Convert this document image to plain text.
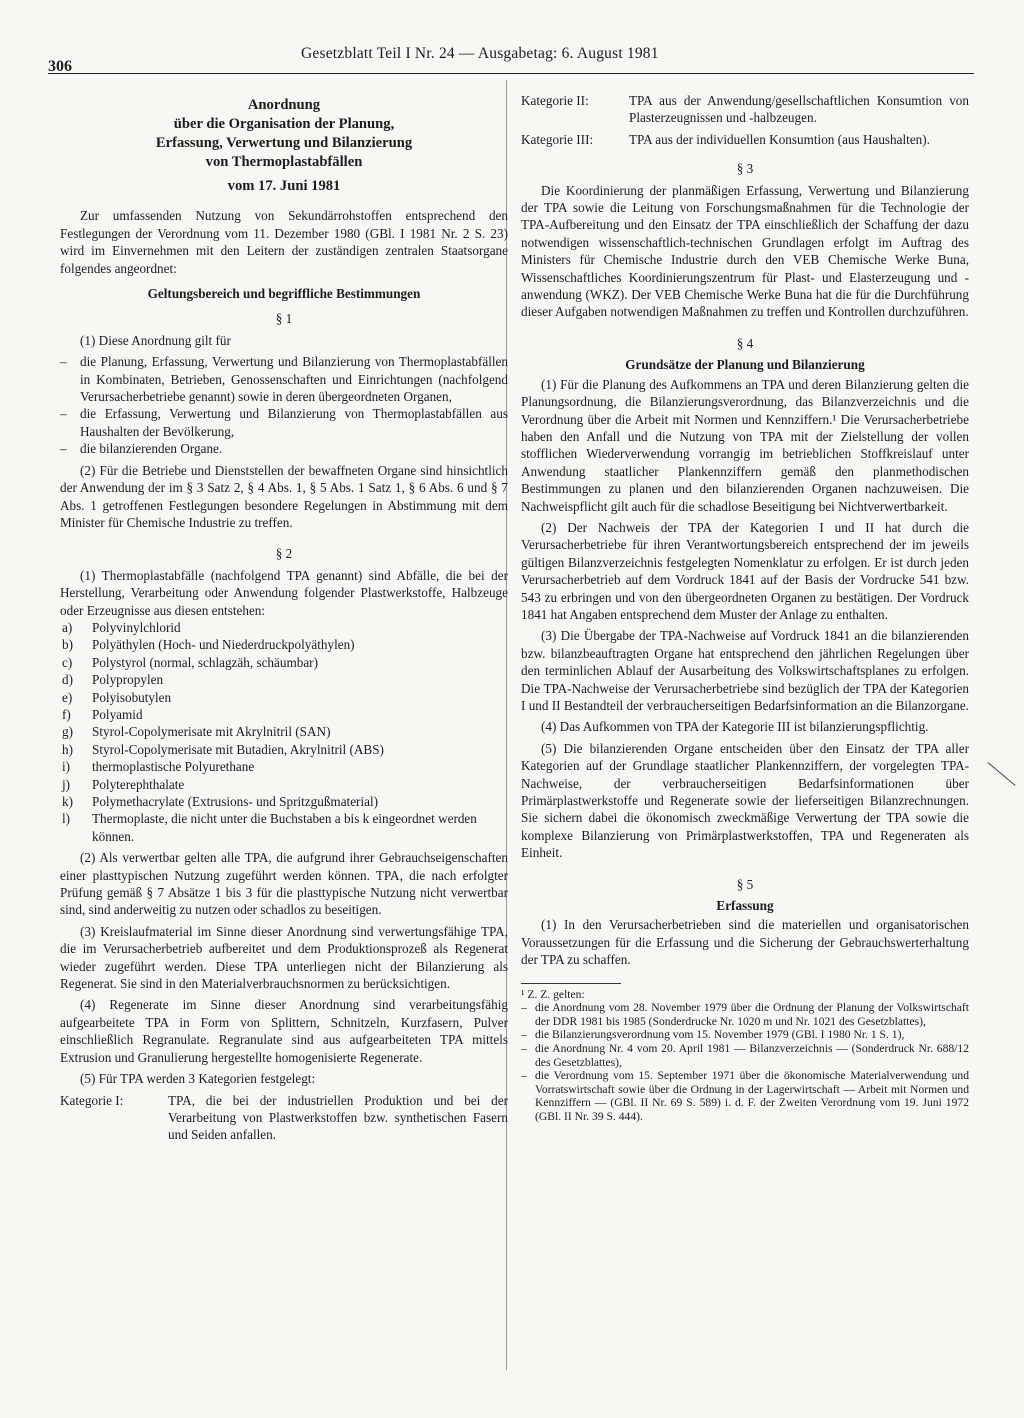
306
Gesetzblatt Teil I Nr. 24 — Ausgabetag: 6. August 1981
Anordnung
über die Organisation der Planung,
Erfassung, Verwertung und Bilanzierung
von Thermoplastabfällen
vom 17. Juni 1981

Zur umfassenden Nutzung von Sekundärrohstoffen entsprechend den Festlegungen der Verordnung vom 11. Dezember 1980 (GBl. I 1981 Nr. 2 S. 23) wird im Einvernehmen mit den Leitern der zuständigen zentralen Staatsorgane folgendes angeordnet:

Geltungsbereich und begriffliche Bestimmungen
§ 1

(1) Diese Anordnung gilt für

–	die Planung, Erfassung, Verwertung und Bilanzierung von Thermoplastabfällen in Kombinaten, Betrieben, Genossenschaften und Einrichtungen (nachfolgend Verursacherbetriebe genannt) sowie in deren übergeordneten Organen,
–	die Erfassung, Verwertung und Bilanzierung von Thermoplastabfällen aus Haushalten der Bevölkerung,
–	die bilanzierenden Organe.

(2) Für die Betriebe und Dienststellen der bewaffneten Organe sind hinsichtlich der Anwendung der im § 3 Satz 2, § 4 Abs. 1, § 5 Abs. 1 Satz 1, § 6 Abs. 6 und § 7 Abs. 1 getroffenen Festlegungen besondere Regelungen in Abstimmung mit dem Minister für Chemische Industrie zu treffen.

§ 2

(1) Thermoplastabfälle (nachfolgend TPA genannt) sind Abfälle, die bei der Herstellung, Verarbeitung oder Anwendung folgender Plastwerkstoffe, Halbzeuge oder Erzeugnisse aus diesen entstehen:

a)	Polyvinylchlorid
b)	Polyäthylen (Hoch- und Niederdruckpolyäthylen)
c)	Polystyrol (normal, schlagzäh, schäumbar)
d)	Polypropylen
e)	Polyisobutylen
f)	Polyamid
g)	Styrol-Copolymerisate mit Akrylnitril (SAN)
h)	Styrol-Copolymerisate mit Butadien, Akrylnitril (ABS)
i)	thermoplastische Polyurethane
j)	Polyterephthalate
k)	Polymethacrylate (Extrusions- und Spritzgußmaterial)
l)	Thermoplaste, die nicht unter die Buchstaben a bis k eingeordnet werden können.

(2) Als verwertbar gelten alle TPA, die aufgrund ihrer Gebrauchseigenschaften einer plasttypischen Nutzung zugeführt werden können. TPA, die nach erfolgter Prüfung gemäß § 7 Absätze 1 bis 3 für die plasttypische Nutzung nicht verwertbar sind, sind anderweitig zu nutzen oder schadlos zu beseitigen.

(3) Kreislaufmaterial im Sinne dieser Anordnung sind verwertungsfähige TPA, die im Verursacherbetrieb aufbereitet und dem Produktionsprozeß als Regenerat wieder zugeführt werden. Diese TPA unterliegen nicht der Bilanzierung als Regenerat. Sie sind in den Materialverbrauchsnormen zu berücksichtigen.

(4) Regenerate im Sinne dieser Anordnung sind verarbeitungsfähig aufgearbeitete TPA in Form von Splittern, Schnitzeln, Kurzfasern, Pulver einschließlich Regranulate. Regranulate sind aus aufgearbeiteten TPA mittels Extrusion und Granulierung hergestellte homogenisierte Regenerate.

(5) Für TPA werden 3 Kategorien festgelegt:

Kategorie I:	TPA, die bei der industriellen Produktion und bei der Verarbeitung von Plastwerkstoffen bzw. synthetischen Fasern und Seiden anfallen.
Kategorie II:	TPA aus der Anwendung/gesellschaftlichen Konsumtion von Plasterzeugnissen und -halbzeugen.
Kategorie III:	TPA aus der individuellen Konsumtion (aus Haushalten).
§ 3

Die Koordinierung der planmäßigen Erfassung, Verwertung und Bilanzierung der TPA sowie die Leitung von Forschungsmaßnahmen für die Technologie der TPA-Aufbereitung und den Einsatz der TPA einschließlich der Schaffung der dazu notwendigen wissenschaftlich-technischen Grundlagen erfolgt im Auftrag des Ministers für Chemische Industrie durch den VEB Chemische Werke Buna, Wissenschaftliches Koordinierungszentrum für Plast- und Elasterzeugung und -anwendung (WKZ). Der VEB Chemische Werke Buna hat die für die Durchführung dieser Aufgaben notwendigen Maßnahmen zu treffen und Kontrollen durchzuführen.

§ 4
Grundsätze der Planung und Bilanzierung

(1) Für die Planung des Aufkommens an TPA und deren Bilanzierung gelten die Planungsordnung, die Bilanzierungsverordnung, das Bilanzverzeichnis und die Verordnung über die Arbeit mit Normen und Kennziffern.¹ Die Verursacherbetriebe haben den Anfall und die Nutzung von TPA mit der Zielstellung der vollen stofflichen Wiederverwendung vorrangig im betrieblichen Stoffkreislauf unter Anwendung staatlicher Plankennziffern gemäß den planmethodischen Bestimmungen zu planen und den bilanzierenden Organen nachzuweisen. Die Nachweispflicht gilt auch für die schadlose Beseitigung bei Nichtverwertbarkeit.

(2) Der Nachweis der TPA der Kategorien I und II hat durch die Verursacherbetriebe für ihren Verantwortungsbereich entsprechend der im jeweils gültigen Bilanzverzeichnis festgelegten Nomenklatur zu erfolgen. Er ist durch jeden Verursacherbetrieb auf dem Vordruck 1841 auf der Basis der Vordrucke 541 bzw. 543 zu erbringen und von den übergeordneten Organen zu bestätigen. Der Vordruck 1841 hat Angaben entsprechend dem Muster der Anlage zu enthalten.

(3) Die Übergabe der TPA-Nachweise auf Vordruck 1841 an die bilanzierenden bzw. bilanzbeauftragten Organe hat entsprechend den jährlichen Regelungen über den terminlichen Ablauf der Ausarbeitung des Volkswirtschaftsplanes zu erfolgen. Die TPA-Nachweise der Verursacherbetriebe sind bezüglich der TPA der Kategorien I und II Bestandteil der verbraucherseitigen Bedarfsinformation an die Bilanzorgane.

(4) Das Aufkommen von TPA der Kategorie III ist bilanzierungspflichtig.

(5) Die bilanzierenden Organe entscheiden über den Einsatz der TPA aller Kategorien auf der Grundlage staatlicher Plankennziffern, der vorgelegten TPA-Nachweise, der verbraucherseitigen Bedarfsinformationen über Primärplastwerkstoffe und Regenerate sowie der lieferseitigen Bilanzrechnungen. Sie sichern dabei die ökonomisch zweckmäßige Verwertung der TPA sowie die komplexe Bilanzierung von Primärplastwerkstoffen, TPA und Regeneraten als Einheit.

§ 5
Erfassung

(1) In den Verursacherbetrieben sind die materiellen und organisatorischen Voraussetzungen für die Erfassung und die Sicherung der Gebrauchswerterhaltung der TPA zu schaffen.

¹ Z. Z. gelten:
– die Anordnung vom 28. November 1979 über die Ordnung der Planung der Volkswirtschaft der DDR 1981 bis 1985 (Sonderdrucke Nr. 1020 m und Nr. 1021 des Gesetzblattes),
– die Bilanzierungsverordnung vom 15. November 1979 (GBl. I 1980 Nr. 1 S. 1),
– die Anordnung Nr. 4 vom 20. April 1981 — Bilanzverzeichnis — (Sonderdruck Nr. 688/12 des Gesetzblattes),
– die Verordnung vom 15. September 1971 über die ökonomische Materialverwendung und Vorratswirtschaft sowie über die Ordnung in der Lagerwirtschaft — Arbeit mit Normen und Kennziffern — (GBl. II Nr. 69 S. 589) i. d. F. der Zweiten Verordnung vom 19. Juni 1972 (GBl. II Nr. 39 S. 444).
